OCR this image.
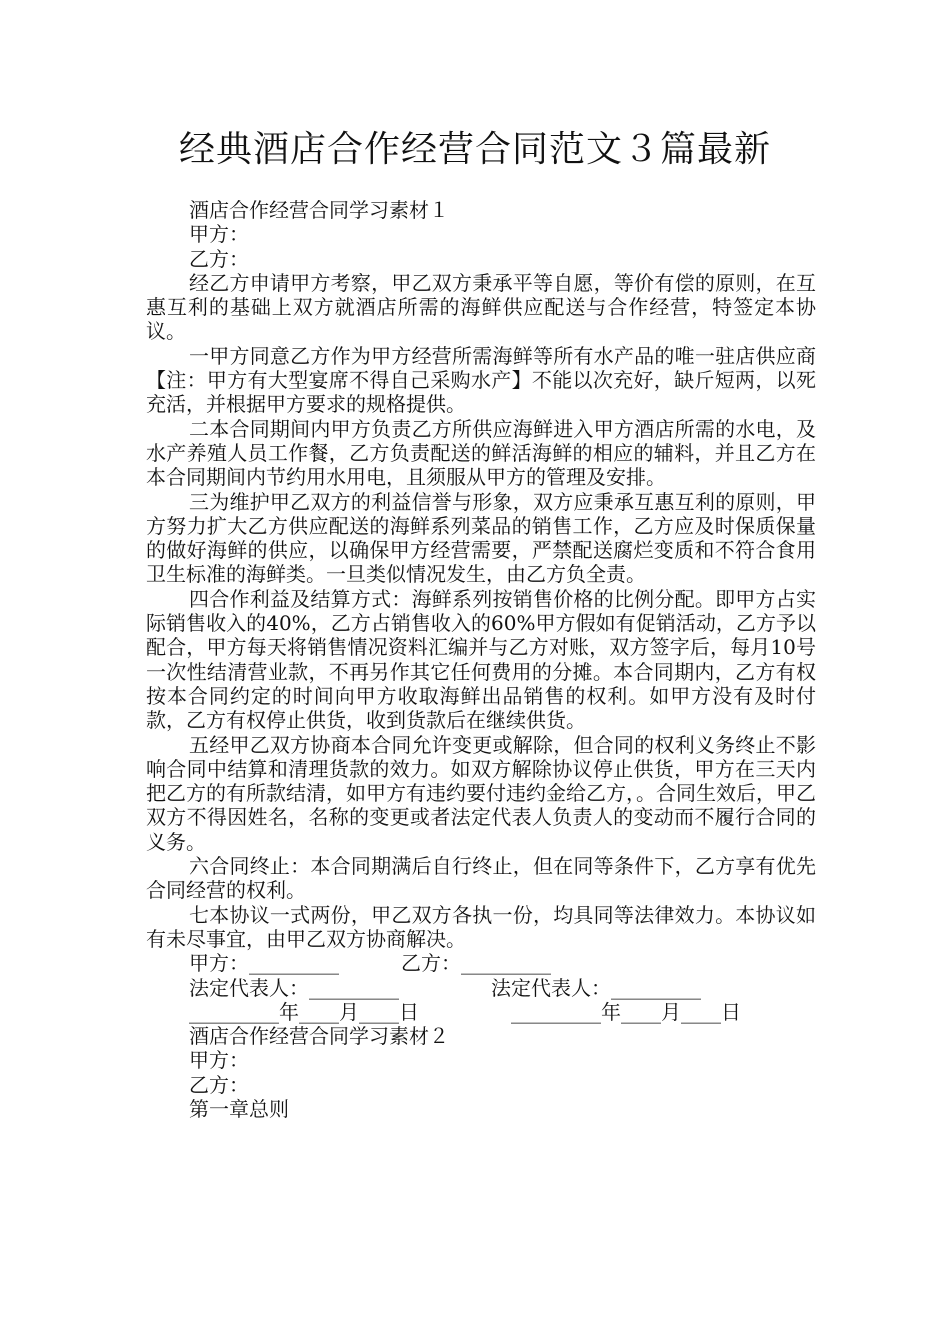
经典酒店合作经营合同范文３篇最新
酒店合作经营合同学习素材１
甲方：
乙方：

经乙方申请甲方考察，甲乙双方秉承平等自愿，等价有偿的原则，在互惠互利的基础上双方就酒店所需的海鲜供应配送与合作经营，特签定本协议。

一甲方同意乙方作为甲方经营所需海鲜等所有水产品的唯一驻店供应商【注：甲方有大型宴席不得自己采购水产】不能以次充好，缺斤短两，以死充活，并根据甲方要求的规格提供。

二本合同期间内甲方负责乙方所供应海鲜进入甲方酒店所需的水电，及水产养殖人员工作餐，乙方负责配送的鲜活海鲜的相应的辅料，并且乙方在本合同期间内节约用水用电，且须服从甲方的管理及安排。

三为维护甲乙双方的利益信誉与形象，双方应秉承互惠互利的原则，甲方努力扩大乙方供应配送的海鲜系列菜品的销售工作，乙方应及时保质保量的做好海鲜的供应，以确保甲方经营需要，严禁配送腐烂变质和不符合食用卫生标准的海鲜类。一旦类似情况发生，由乙方负全责。

四合作利益及结算方式：海鲜系列按销售价格的比例分配。即甲方占实际销售收入的40%，乙方占销售收入的60%甲方假如有促销活动，乙方予以配合，甲方每天将销售情况资料汇编并与乙方对账，双方签字后，每月10号一次性结清营业款，不再另作其它任何费用的分摊。本合同期内，乙方有权按本合同约定的时间向甲方收取海鲜出品销售的权利。如甲方没有及时付款，乙方有权停止供货，收到货款后在继续供货。

五经甲乙双方协商本合同允许变更或解除，但合同的权利义务终止不影响合同中结算和清理货款的效力。如双方解除协议停止供货，甲方在三天内把乙方的有所款结清，如甲方有违约要付违约金给乙方，。合同生效后，甲乙双方不得因姓名，名称的变更或者法定代表人负责人的变动而不履行合同的义务。

六合同终止：本合同期满后自行终止，但在同等条件下，乙方享有优先合同经营的权利。

七本协议一式两份，甲乙双方各执一份，均具同等法律效力。本协议如有未尽事宜，由甲乙双方协商解决。

甲方：_________	乙方：_________
法定代表人：_________	法定代表人：_________
_________年____月____日	_________年____月____日
酒店合作经营合同学习素材２
甲方：
乙方：
第一章总则
